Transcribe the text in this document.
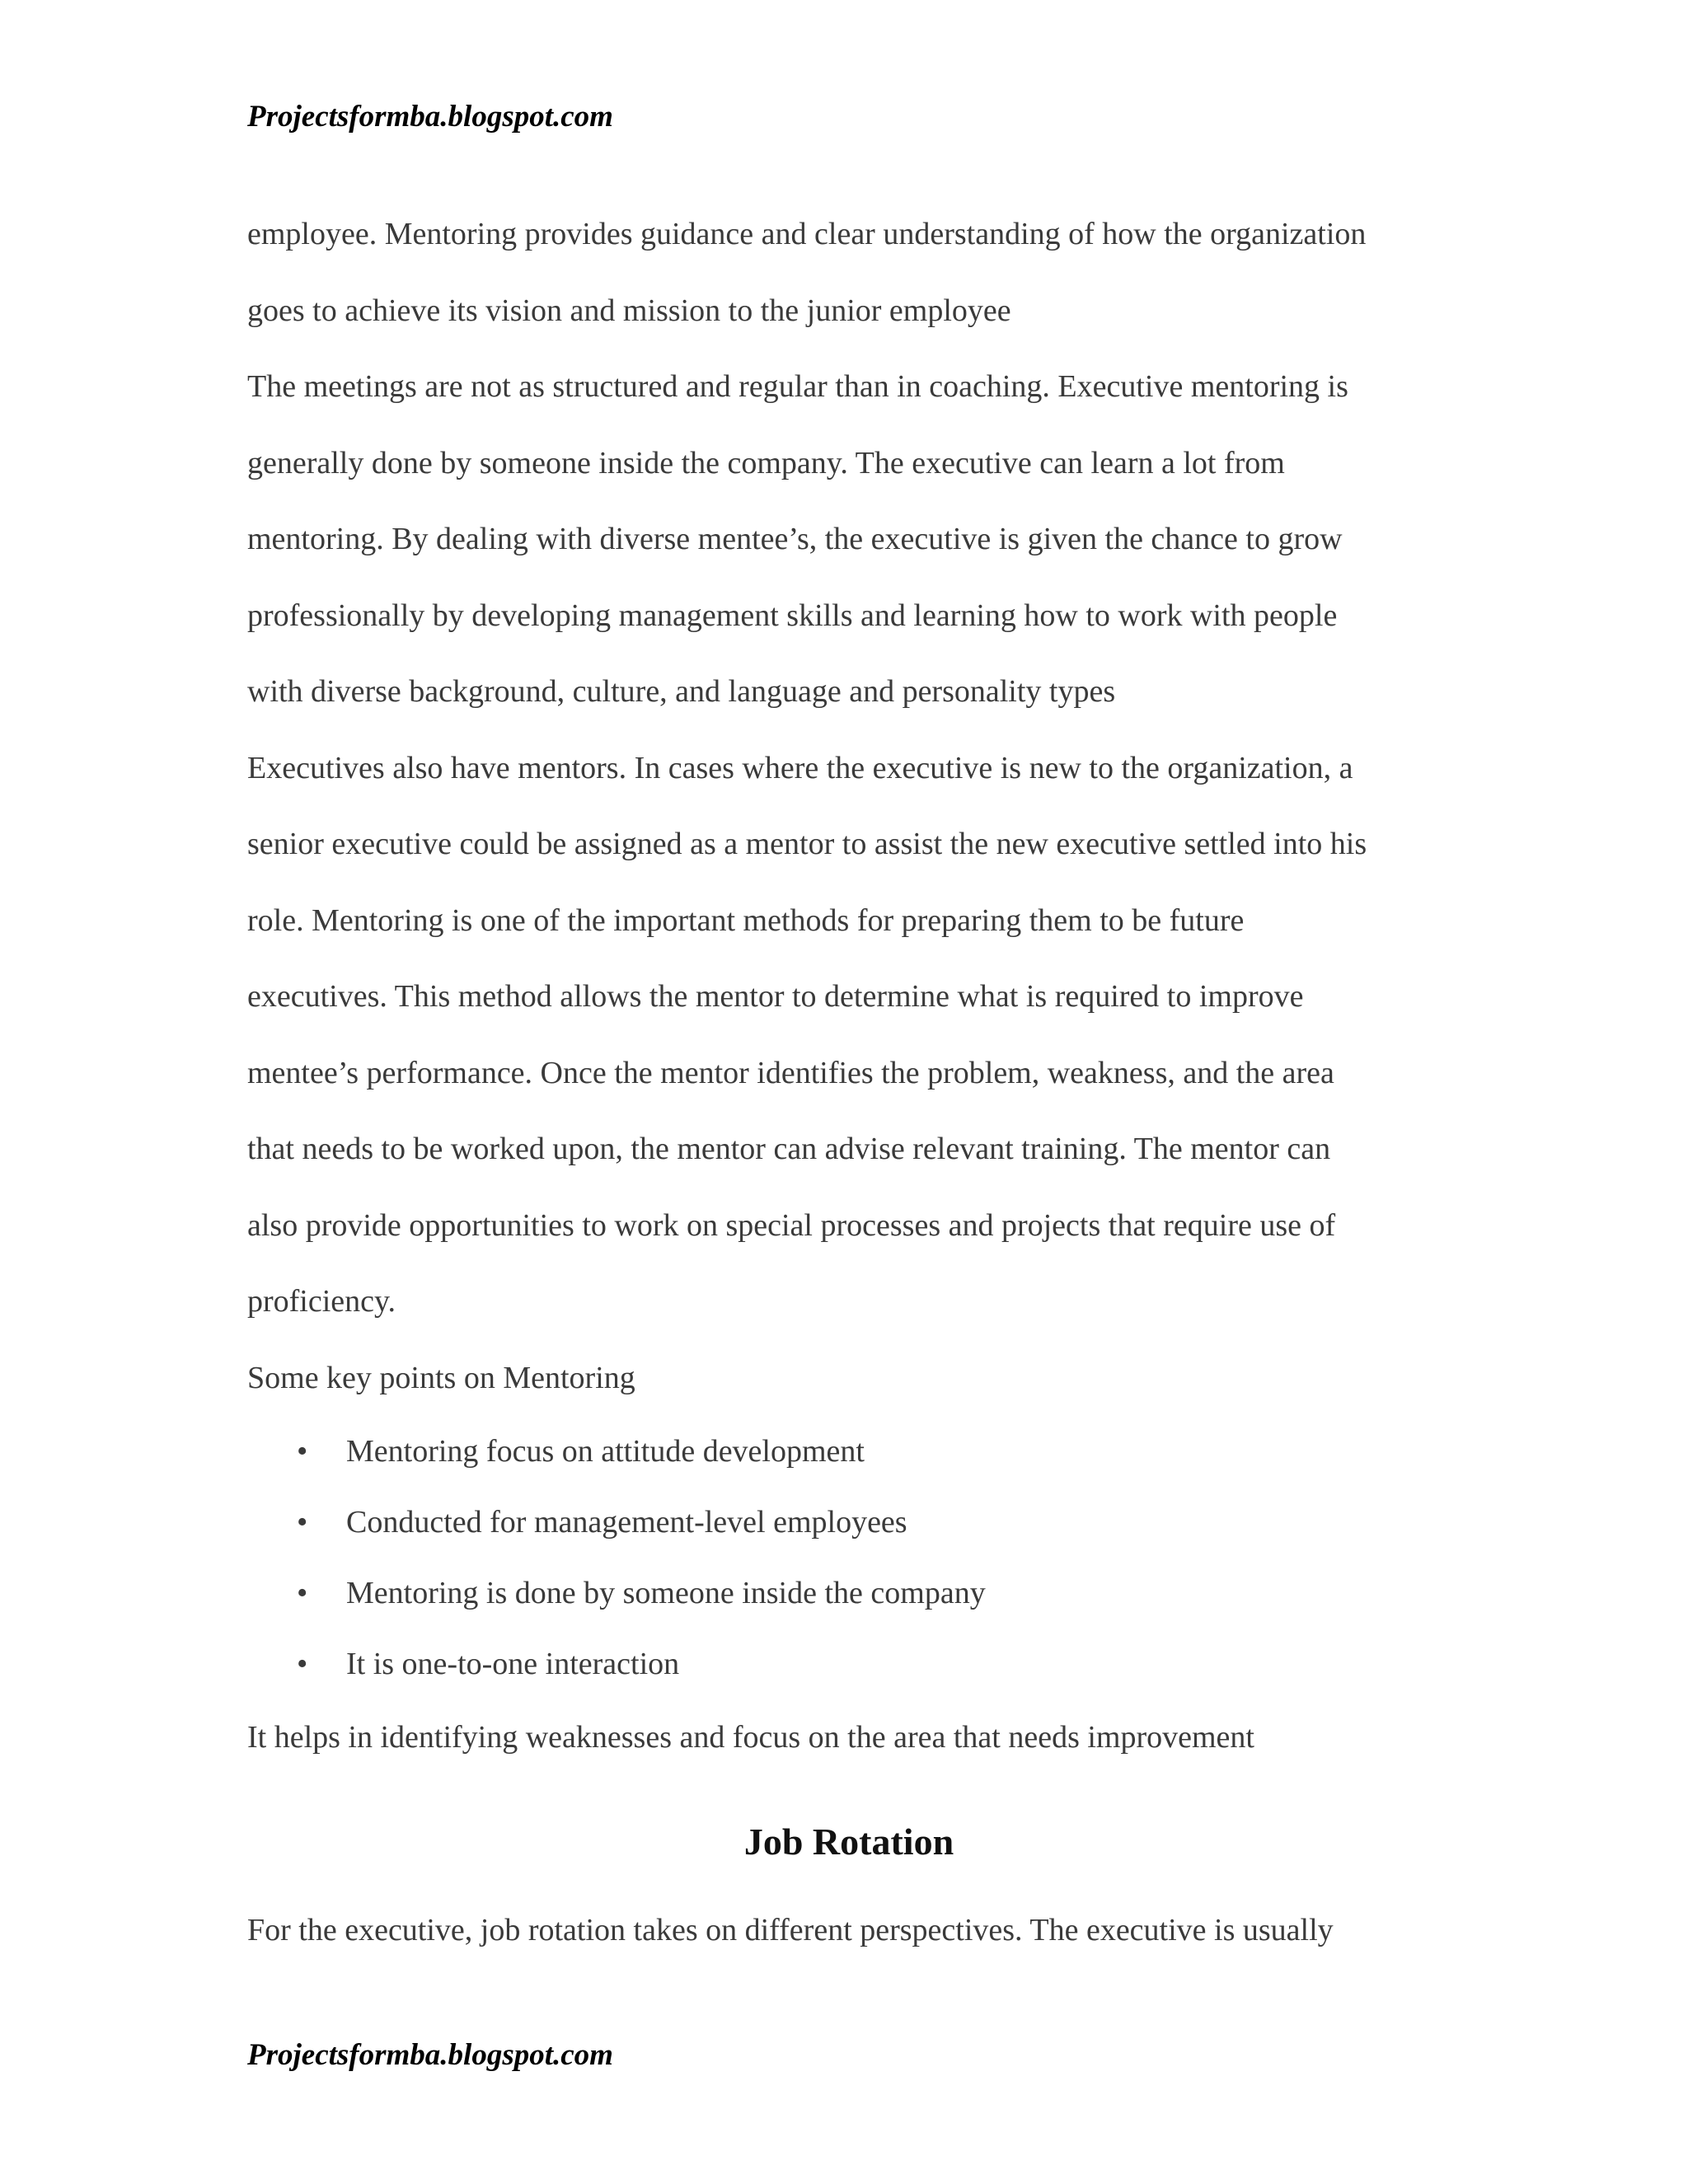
Projectsformba.blogspot.com
employee. Mentoring provides guidance and clear understanding of how the organization
goes to achieve its vision and mission to the junior employee
The meetings are not as structured and regular than in coaching. Executive mentoring is
generally done by someone inside the company. The executive can learn a lot from
mentoring. By dealing with diverse mentee’s, the executive is given the chance to grow
professionally by developing management skills and learning how to work with people
with diverse background, culture, and language and personality types
Executives also have mentors. In cases where the executive is new to the organization, a
senior executive could be assigned as a mentor to assist the new executive settled into his
role. Mentoring is one of the important methods for preparing them to be future
executives. This method allows the mentor to determine what is required to improve
mentee’s performance. Once the mentor identifies the problem, weakness, and the area
that needs to be worked upon, the mentor can advise relevant training. The mentor can
also provide opportunities to work on special processes and projects that require use of
proficiency.
Some key points on Mentoring
• Mentoring focus on attitude development
• Conducted for management-level employees
• Mentoring is done by someone inside the company
• It is one-to-one interaction
It helps in identifying weaknesses and focus on the area that needs improvement
Job Rotation
For the executive, job rotation takes on different perspectives. The executive is usually
Projectsformba.blogspot.com
